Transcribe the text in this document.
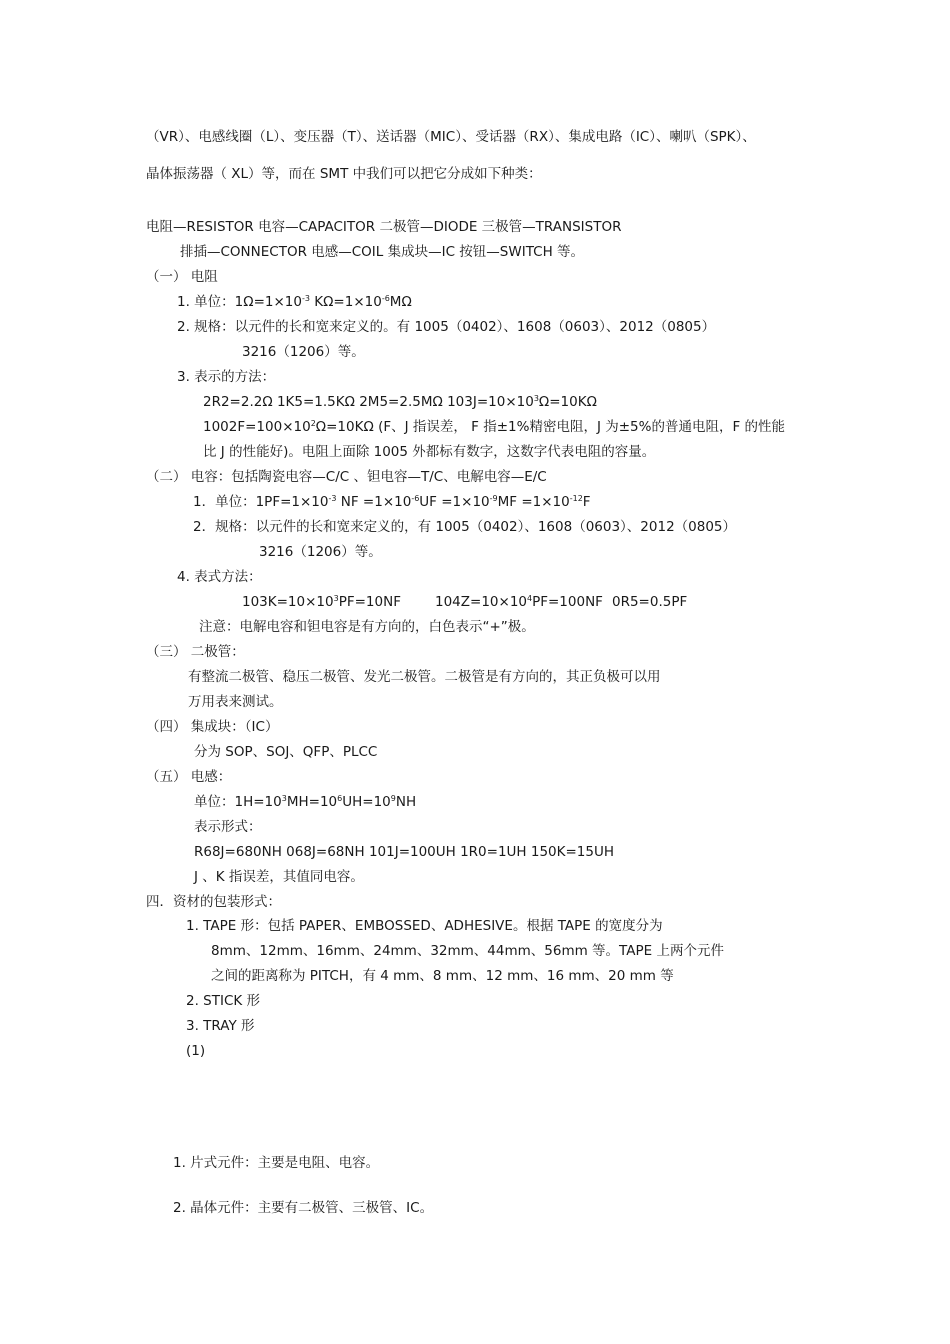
（VR）、电感线圈（L）、变压器（T）、送话器（MIC）、受话器（RX）、集成电路（IC）、喇叭（SPK）、
晶体振荡器（ XL）等，而在 SMT 中我们可以把它分成如下种类：
电阻—RESISTOR 电容—CAPACITOR 二极管—DIODE 三极管—TRANSISTOR
排插—CONNECTOR 电感—COIL 集成块—IC 按钮—SWITCH 等。
（一） 电阻
1. 单位：$1\Omega=1\times 10^{-3}$ $K\Omega=1\times 10^{-6}M\Omega$
2. 规格：以元件的长和宽来定义的。有 1005（0402）、1608（0603）、2012（0805）
3216（1206）等。
3. 表示的方法：
2R2=2.2Ω 1K5=1.5KΩ 2M5=2.5MΩ $103J=10\times 10^3\Omega=10K\Omega$
$1002F=100\times 10^2\Omega=10K\Omega$ (F、J 指误差， F 指±1%精密电阻，J 为±5%的普通电阻，F 的性能
比 J 的性能好)。电阻上面除 1005 外都标有数字，这数字代表电阻的容量。
（二） 电容：包括陶瓷电容—C/C 、钽电容—T/C、电解电容—E/C
1．单位：$1PF=1\times 10^{-3}$ NF $=1\times 10^{-6}UF =1\times 10^{-9}MF =1\times 10^{-12}F$
2．规格：以元件的长和宽来定义的，有 1005（0402）、1608（0603）、2012（0805）
3216（1206）等。
4. 表式方法：
$103K=10\times 10^3PF=10NF$	$104Z=10\times 10^4PF=100NF$ 0R5=0.5PF
注意：电解电容和钽电容是有方向的，白色表示“+”极。
（三） 二极管：
有整流二极管、稳压二极管、发光二极管。二极管是有方向的，其正负极可以用
万用表来测试。
（四） 集成块：（IC）
分为 SOP、SOJ、QFP、PLCC
（五） 电感：
单位：$1H=10^3MH=10^6UH=10^9NH$
表示形式：
R68J=680NH 068J=68NH 101J=100UH 1R0=1UH 150K=15UH
J 、K 指误差，其值同电容。
四．资材的包装形式：
1. TAPE 形：包括 PAPER、EMBOSSED、ADHESIVE。根据 TAPE 的宽度分为
8mm、12mm、16mm、24mm、32mm、44mm、56mm 等。TAPE 上两个元件
之间的距离称为 PITCH，有 4 mm、8 mm、12 mm、16 mm、20 mm 等
2. STICK 形
3. TRAY 形
(1)
1. 片式元件：主要是电阻、电容。
2. 晶体元件：主要有二极管、三极管、IC。
